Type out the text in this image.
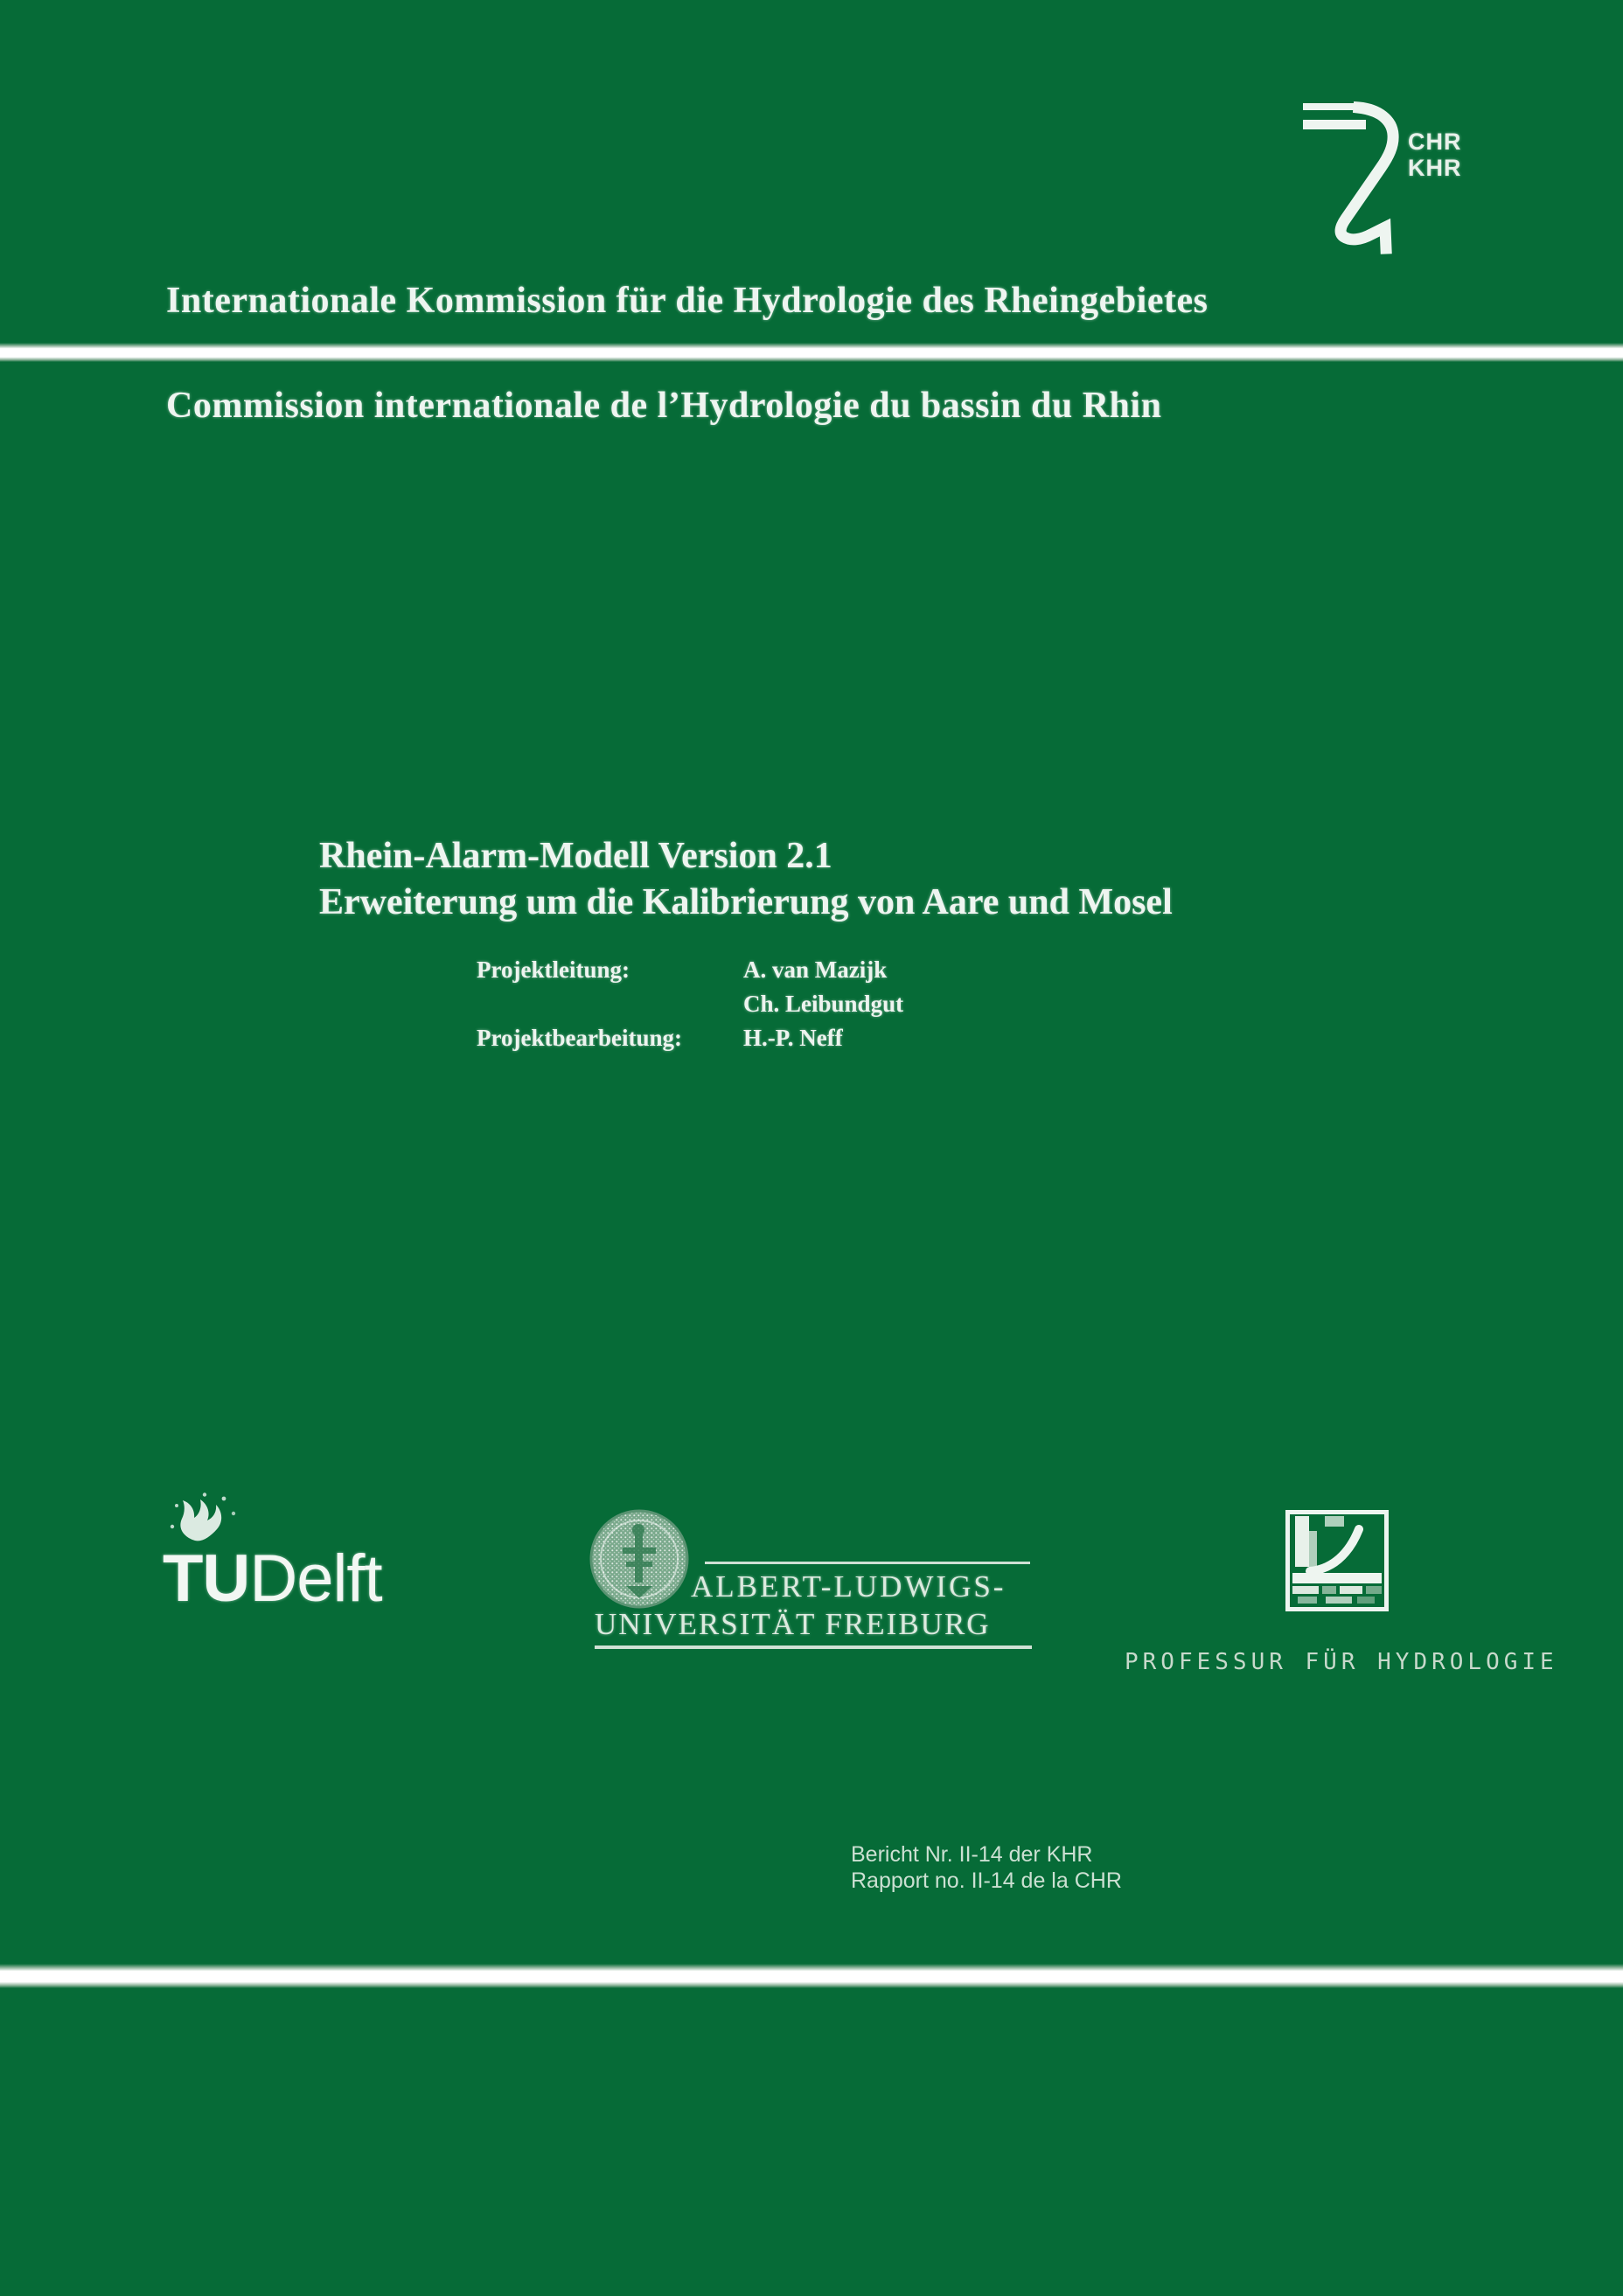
CHR
KHR
Internationale Kommission für die Hydrologie des Rheingebietes
Commission internationale de l’Hydrologie du bassin du Rhin
Rhein-Alarm-Modell Version 2.1
Erweiterung um die Kalibrierung von Aare und Mosel
Projektleitung:	A. van Mazijk
Ch. Leibundgut
Projektbearbeitung:	H.-P. Neff
TUDelft	ALBERT-LUDWIGS-
UNIVERSITÄT FREIBURG
PROFESSUR FÜR HYDROLOGIE
Bericht Nr. II-14 der KHR
Rapport no. II-14 de la CHR
